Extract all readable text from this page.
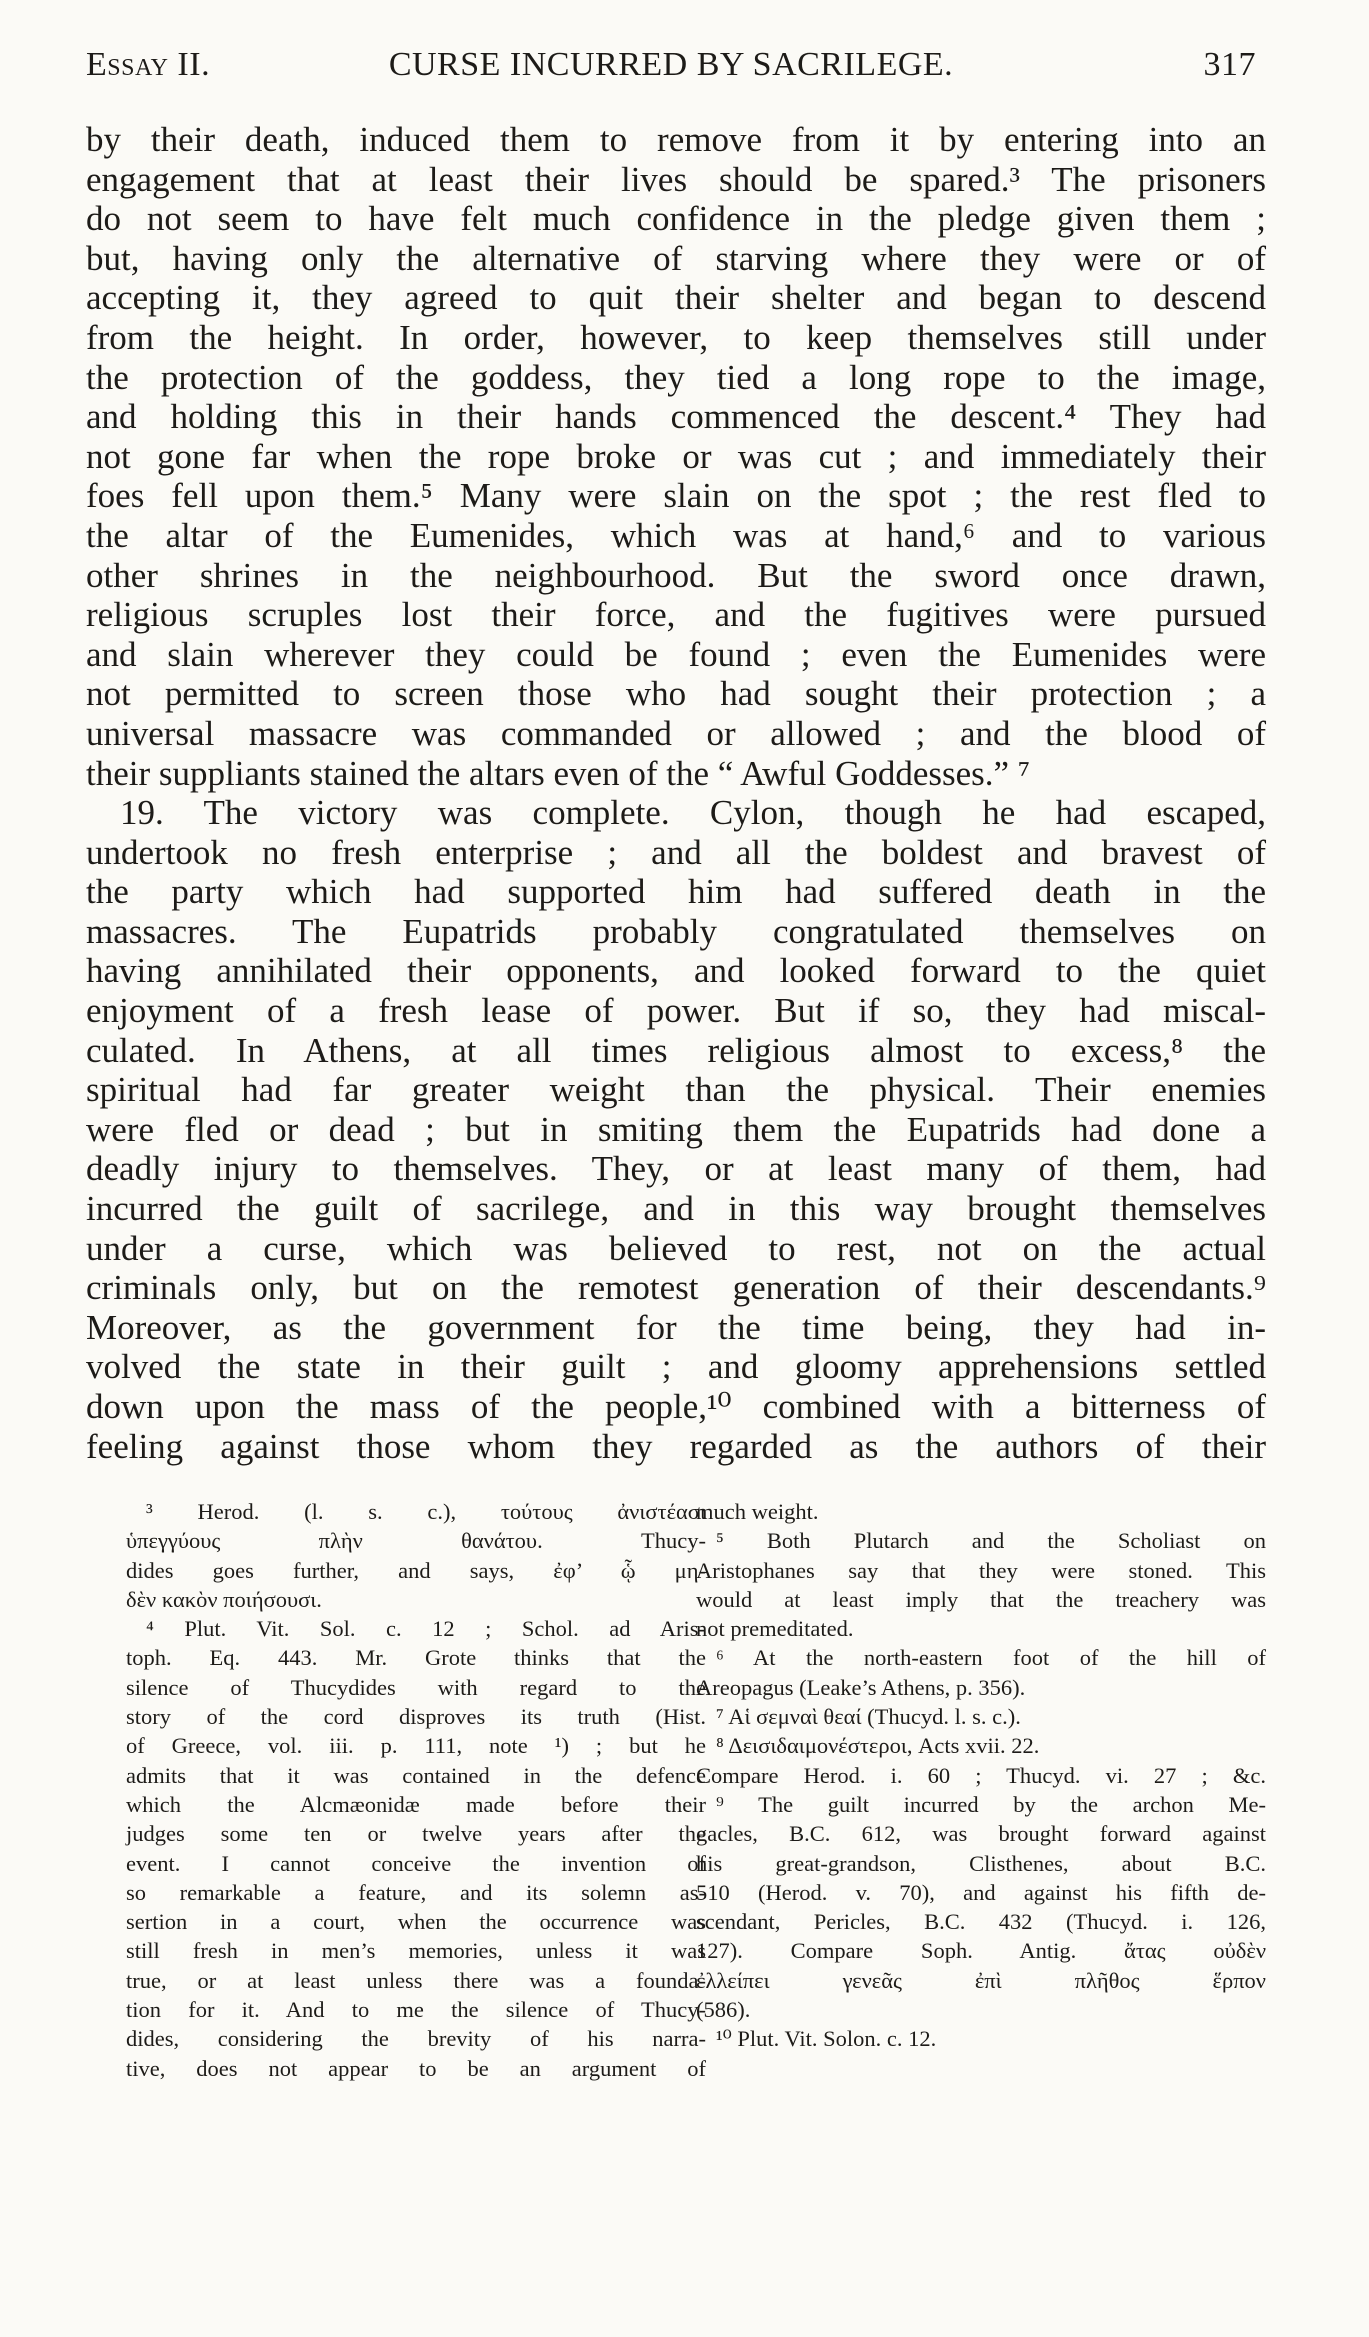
Essay II.	CURSE INCURRED BY SACRILEGE.	317
by their death, induced them to remove from it by entering into an
engagement that at least their lives should be spared.³ The prisoners
do not seem to have felt much confidence in the pledge given them ;
but, having only the alternative of starving where they were or of
accepting it, they agreed to quit their shelter and began to descend
from the height. In order, however, to keep themselves still under
the protection of the goddess, they tied a long rope to the image,
and holding this in their hands commenced the descent.⁴ They had
not gone far when the rope broke or was cut ; and immediately their
foes fell upon them.⁵ Many were slain on the spot ; the rest fled to
the altar of the Eumenides, which was at hand,⁶ and to various
other shrines in the neighbourhood. But the sword once drawn,
religious scruples lost their force, and the fugitives were pursued
and slain wherever they could be found ; even the Eumenides were
not permitted to screen those who had sought their protection ; a
universal massacre was commanded or allowed ; and the blood of
their suppliants stained the altars even of the “ Awful Goddesses.” ⁷
19. The victory was complete. Cylon, though he had escaped,
undertook no fresh enterprise ; and all the boldest and bravest of
the party which had supported him had suffered death in the
massacres. The Eupatrids probably congratulated themselves on
having annihilated their opponents, and looked forward to the quiet
enjoyment of a fresh lease of power. But if so, they had miscal-
culated. In Athens, at all times religious almost to excess,⁸ the
spiritual had far greater weight than the physical. Their enemies
were fled or dead ; but in smiting them the Eupatrids had done a
deadly injury to themselves. They, or at least many of them, had
incurred the guilt of sacrilege, and in this way brought themselves
under a curse, which was believed to rest, not on the actual
criminals only, but on the remotest generation of their descendants.⁹
Moreover, as the government for the time being, they had in-
volved the state in their guilt ; and gloomy apprehensions settled
down upon the mass of the people,¹⁰ combined with a bitterness of
feeling against those whom they regarded as the authors of their
³ Herod. (l. s. c.), τούτους ἀνιστέασι
ὑπεγγύους πλὴν θανάτου. Thucy-
dides goes further, and says, ἐφ’ ᾧ μη-
δὲν κακὸν ποιήσουσι.
⁴ Plut. Vit. Sol. c. 12 ; Schol. ad Aris-
toph. Eq. 443. Mr. Grote thinks that the
silence of Thucydides with regard to the
story of the cord disproves its truth (Hist.
of Greece, vol. iii. p. 111, note ¹) ; but he
admits that it was contained in the defence
which the Alcmæonidæ made before their
judges some ten or twelve years after the
event. I cannot conceive the invention of
so remarkable a feature, and its solemn as-
sertion in a court, when the occurrence was
still fresh in men’s memories, unless it was
true, or at least unless there was a founda-
tion for it. And to me the silence of Thucy-
dides, considering the brevity of his narra-
tive, does not appear to be an argument of
much weight.
⁵ Both Plutarch and the Scholiast on
Aristophanes say that they were stoned. This
would at least imply that the treachery was
not premeditated.
⁶ At the north-eastern foot of the hill of
Areopagus (Leake’s Athens, p. 356).
⁷ Αἱ σεμναὶ θεαί (Thucyd. l. s. c.).
⁸ Δεισιδαιμονέστεροι, Acts xvii. 22.
Compare Herod. i. 60 ; Thucyd. vi. 27 ; &c.
⁹ The guilt incurred by the archon Me-
gacles, B.C. 612, was brought forward against
his great-grandson, Clisthenes, about B.C.
510 (Herod. v. 70), and against his fifth de-
scendant, Pericles, B.C. 432 (Thucyd. i. 126,
127). Compare Soph. Antig. ἄτας οὐδὲν
ἐλλείπει γενεᾶς ἐπὶ πλῆθος ἕρπον
(586).
¹⁰ Plut. Vit. Solon. c. 12.
